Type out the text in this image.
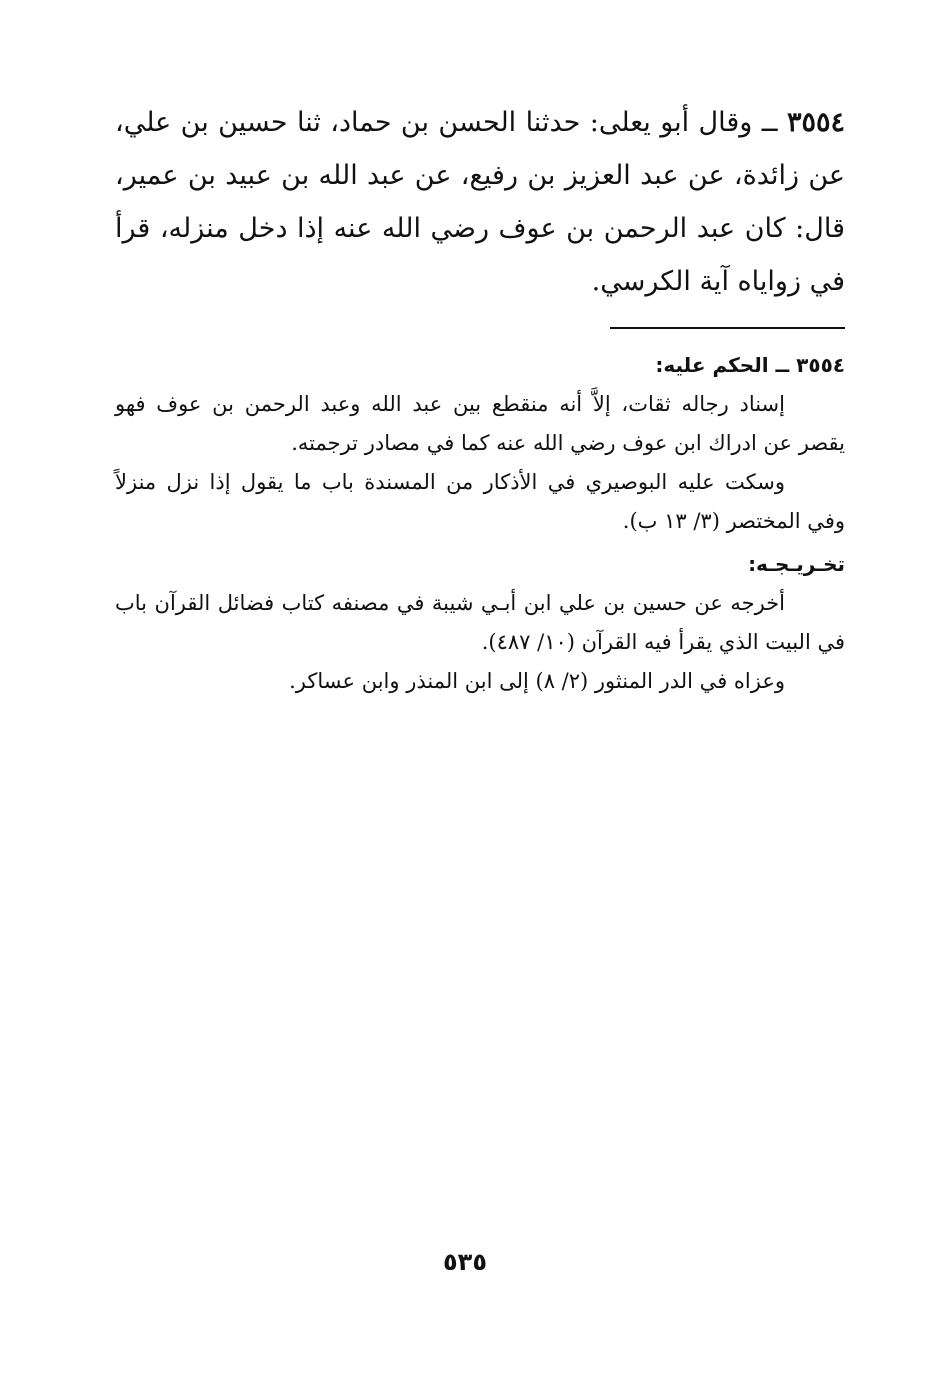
٣٥٥٤ ــ وقال أبو يعلى: حدثنا الحسن بن حماد، ثنا حسين بن علي، عن زائدة، عن عبد العزيز بن رفيع، عن عبد الله بن عبيد بن عمير، قال: كان عبد الرحمن بن عوف رضي الله عنه إذا دخل منزله، قرأ في زواياه آية الكرسي.

٣٥٥٤ ــ الحكم عليه:

إسناد رجاله ثقات، إلاَّ أنه منقطع بين عبد الله وعبد الرحمن بن عوف فهو يقصر عن ادراك ابن عوف رضي الله عنه كما في مصادر ترجمته.

وسكت عليه البوصيري في الأذكار من المسندة باب ما يقول إذا نزل منزلاً وفي المختصر (٣/ ١٣ ب).

تخـريـجـه:

أخرجه عن حسين بن علي ابن أبـي شيبة في مصنفه كتاب فضائل القرآن باب في البيت الذي يقرأ فيه القرآن (١٠/ ٤٨٧).

وعزاه في الدر المنثور (٢/ ٨) إلى ابن المنذر وابن عساكر.

٥٣٥
